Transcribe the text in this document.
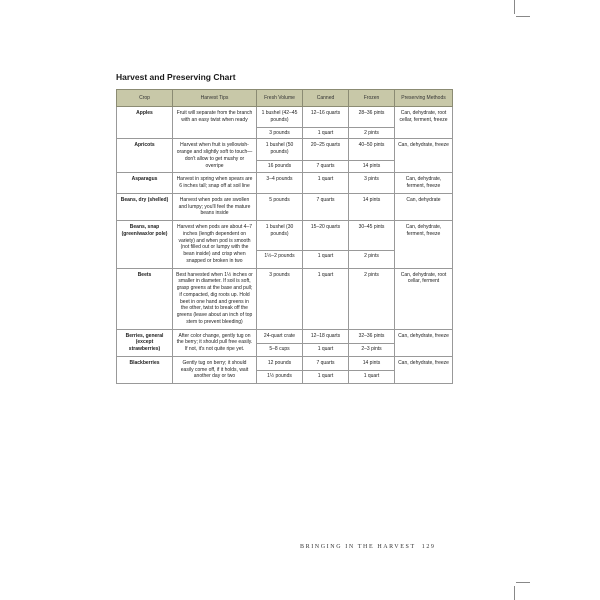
Harvest and Preserving Chart
Crop	Harvest Tips	Fresh Volume	Canned	Frozen	Preserving Methods
Apples	Fruit will separate from the branch with an easy twist when ready	1 bushel (42–45 pounds)	12–16 quarts	28–36 pints	Can, dehydrate, root cellar, ferment, freeze
		3 pounds	1 quart	2 pints	
Apricots	Harvest when fruit is yellowish-orange and slightly soft to touch—don't allow to get mushy or overripe	1 bushel (50 pounds)	20–25 quarts	40–50 pints	Can, dehydrate, freeze
		16 pounds	7 quarts	14 pints	
Asparagus	Harvest in spring when spears are 6 inches tall; snap off at soil line	3–4 pounds	1 quart	3 pints	Can, dehydrate, ferment, freeze
Beans, dry (shelled)	Harvest when pods are swollen and lumpy; you'll feel the mature beans inside	5 pounds	7 quarts	14 pints	Can, dehydrate
Beans, snap (green/wax/or pole)	Harvest when pods are about 4–7 inches (length dependent on variety) and when pod is smooth (not filled out or lumpy with the bean inside) and crisp when snapped or broken in two	1 bushel (30 pounds)	15–20 quarts	30–45 pints	Can, dehydrate, ferment, freeze
		1½–2 pounds	1 quart	2 pints	
Beets	Best harvested when 1½ inches or smaller in diameter. If soil is soft, grasp greens at the base and pull; if compacted, dig roots up. Hold beet in one hand and greens in the other, twist to break off the greens (leave about an inch of top stem to prevent bleeding)	3 pounds	1 quart	2 pints	Can, dehydrate, root cellar, ferment
Berries, general (except strawberries)	After color change, gently tug on the berry; it should pull free easily. If not, it's not quite ripe yet.	24-quart crate	12–18 quarts	32–36 pints	Can, dehydrate, freeze
		5–8 cups	1 quart	2–3 pints	
Blackberries	Gently tug on berry; it should easily come off, if it holds, wait another day or two	12 pounds	7 quarts	14 pints	Can, dehydrate, freeze
		1½ pounds	1 quart	1 quart	
BRINGING IN THE HARVEST 129
